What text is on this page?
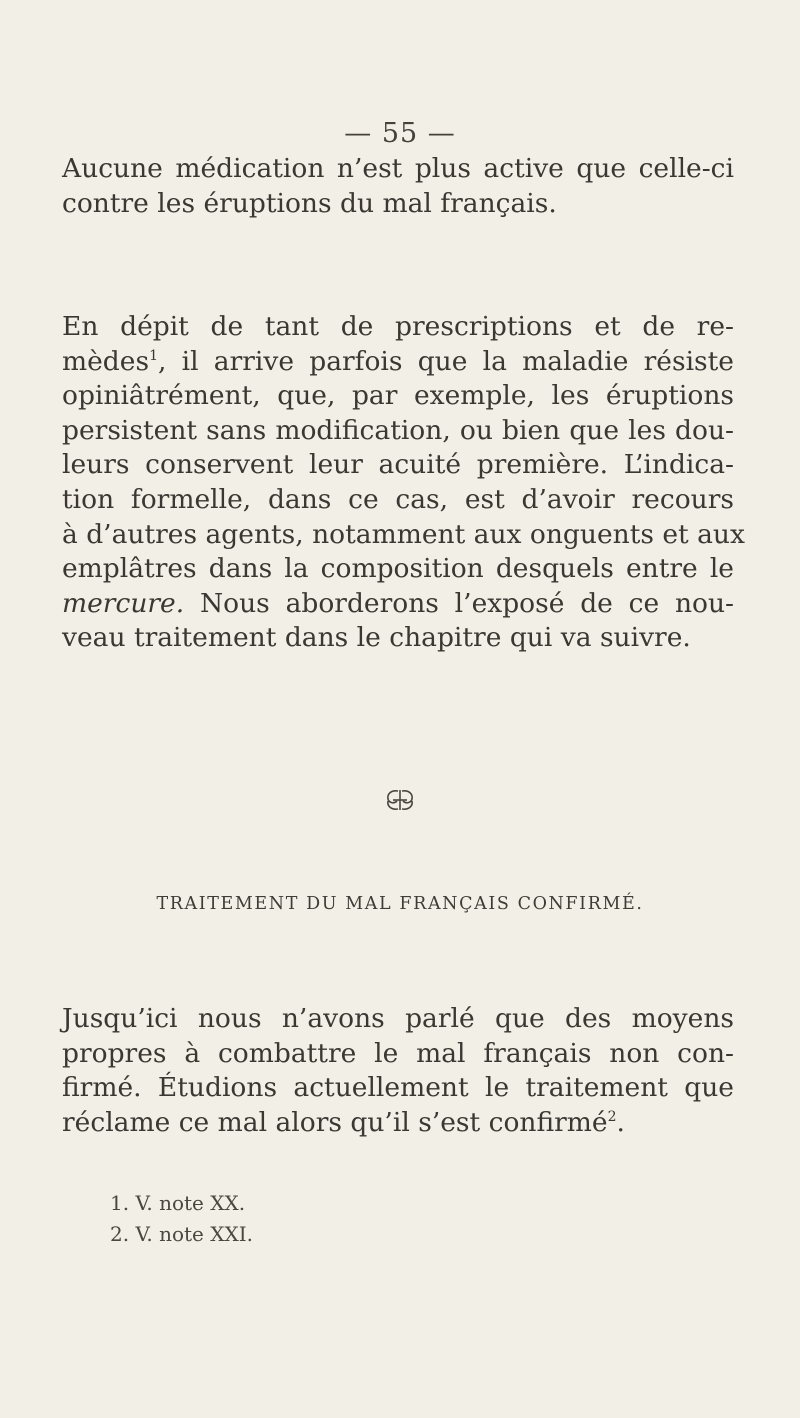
— 55 —

Aucune médication n’est plus active que celle-ci
contre les éruptions du mal français.

En dépit de tant de prescriptions et de re-
mèdes$^1$, il arrive parfois que la maladie résiste
opiniâtrément, que, par exemple, les éruptions
persistent sans modification, ou bien que les dou-
leurs conservent leur acuité première. L’indica-
tion formelle, dans ce cas, est d’avoir recours
à d’autres agents, notamment aux onguents et aux
emplâtres dans la composition desquels entre le
mercure. Nous aborderons l’exposé de ce nou-
veau traitement dans le chapitre qui va suivre.

TRAITEMENT DU MAL FRANÇAIS CONFIRMÉ.

Jusqu’ici nous n’avons parlé que des moyens
propres à combattre le mal français non con-
firmé. Étudions actuellement le traitement que
réclame ce mal alors qu’il s’est confirmé$^2$.

1. V. note XX.
2. V. note XXI.
